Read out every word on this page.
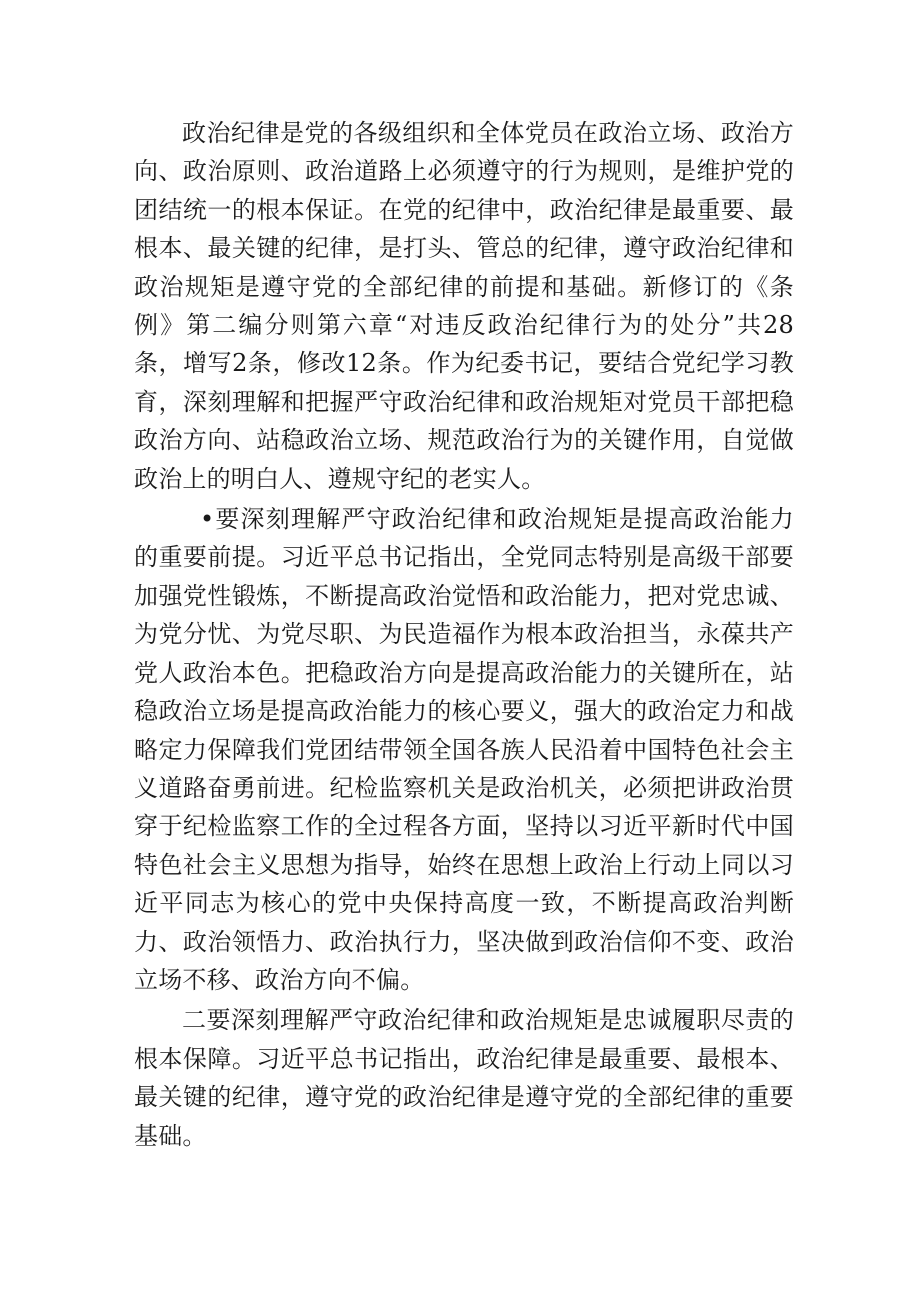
政治纪律是党的各级组织和全体党员在政治立场、政治方向、政治原则、政治道路上必须遵守的行为规则，是维护党的团结统一的根本保证。在党的纪律中，政治纪律是最重要、最根本、最关键的纪律，是打头、管总的纪律，遵守政治纪律和政治规矩是遵守党的全部纪律的前提和基础。新修订的《条例》第二编分则第六章“对违反政治纪律行为的处分”共28条，增写2条，修改12条。作为纪委书记，要结合党纪学习教育，深刻理解和把握严守政治纪律和政治规矩对党员干部把稳政治方向、站稳政治立场、规范政治行为的关键作用，自觉做政治上的明白人、遵规守纪的老实人。

•要深刻理解严守政治纪律和政治规矩是提高政治能力的重要前提。习近平总书记指出，全党同志特别是高级干部要加强党性锻炼，不断提高政治觉悟和政治能力，把对党忠诚、为党分忧、为党尽职、为民造福作为根本政治担当，永葆共产党人政治本色。把稳政治方向是提高政治能力的关键所在，站稳政治立场是提高政治能力的核心要义，强大的政治定力和战略定力保障我们党团结带领全国各族人民沿着中国特色社会主义道路奋勇前进。纪检监察机关是政治机关，必须把讲政治贯穿于纪检监察工作的全过程各方面，坚持以习近平新时代中国特色社会主义思想为指导，始终在思想上政治上行动上同以习近平同志为核心的党中央保持高度一致，不断提高政治判断力、政治领悟力、政治执行力，坚决做到政治信仰不变、政治立场不移、政治方向不偏。

二要深刻理解严守政治纪律和政治规矩是忠诚履职尽责的根本保障。习近平总书记指出，政治纪律是最重要、最根本、最关键的纪律，遵守党的政治纪律是遵守党的全部纪律的重要基础。
